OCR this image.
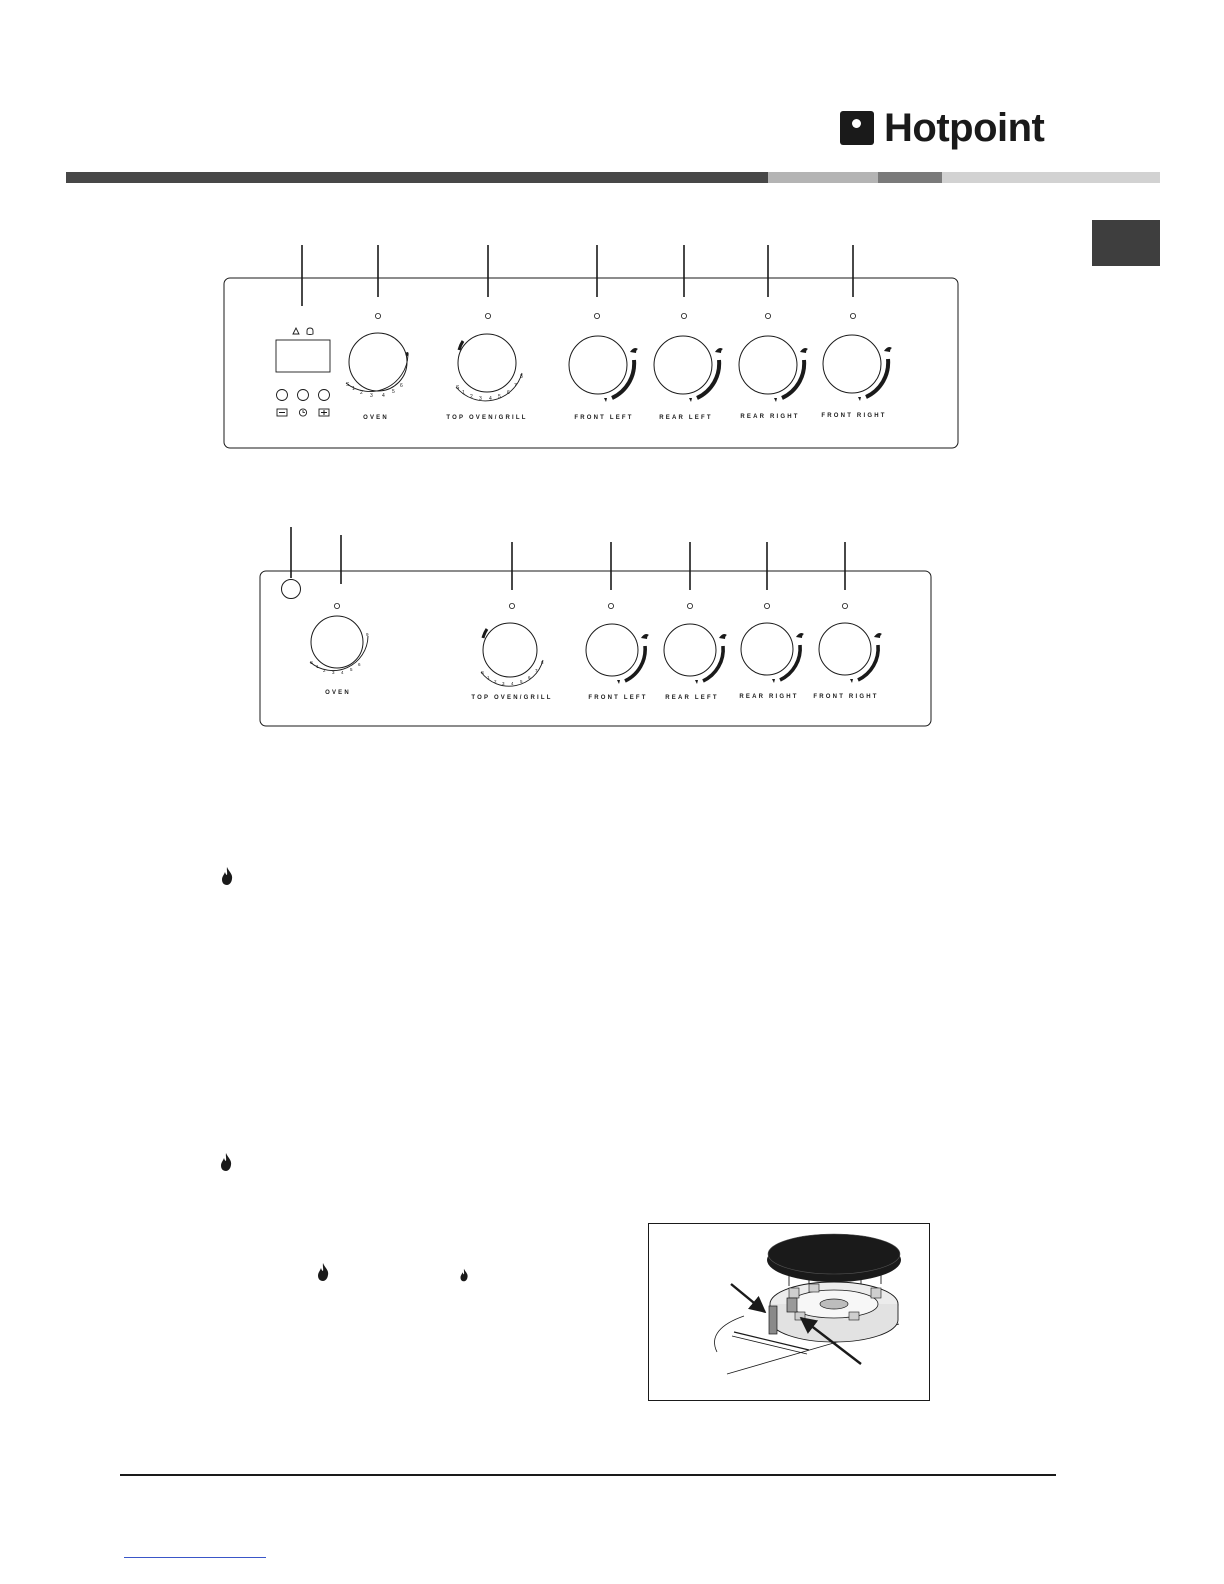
Hotpoint
S
1
2 3 4
5
6
OVEN
S
1
2 3 4 5
6
7
8
TOP OVEN/GRILL	FRONT LEFT	REAR LEFT	REAR RIGHT	FRONT RIGHT
S
1
2 3 4
5
6
9
OVEN
S
1
2 3 4 5
6
7
8
TOP OVEN/GRILL	FRONT LEFT	REAR LEFT	REAR RIGHT FRONT RIGHT
